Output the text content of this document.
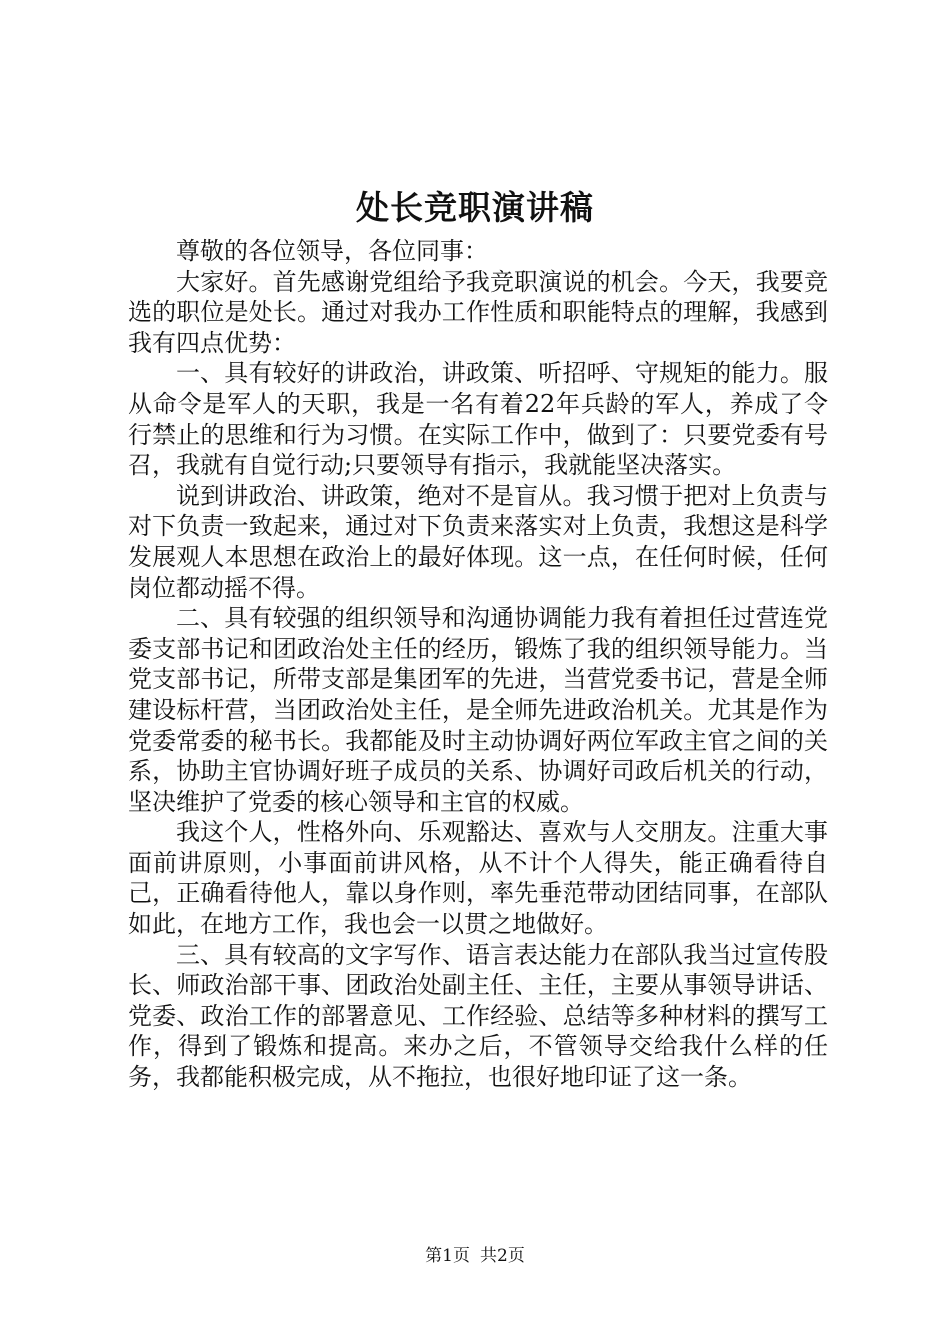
处长竞职演讲稿

尊敬的各位领导，各位同事：

大家好。首先感谢党组给予我竞职演说的机会。今天，我要竞选的职位是处长。通过对我办工作性质和职能特点的理解，我感到我有四点优势：

一、具有较好的讲政治，讲政策、听招呼、守规矩的能力。服从命令是军人的天职，我是一名有着22年兵龄的军人，养成了令行禁止的思维和行为习惯。在实际工作中，做到了：只要党委有号召，我就有自觉行动;只要领导有指示，我就能坚决落实。

说到讲政治、讲政策，绝对不是盲从。我习惯于把对上负责与对下负责一致起来，通过对下负责来落实对上负责，我想这是科学发展观人本思想在政治上的最好体现。这一点，在任何时候，任何岗位都动摇不得。

二、具有较强的组织领导和沟通协调能力我有着担任过营连党委支部书记和团政治处主任的经历，锻炼了我的组织领导能力。当党支部书记，所带支部是集团军的先进，当营党委书记，营是全师建设标杆营，当团政治处主任，是全师先进政治机关。尤其是作为党委常委的秘书长。我都能及时主动协调好两位军政主官之间的关系，协助主官协调好班子成员的关系、协调好司政后机关的行动，坚决维护了党委的核心领导和主官的权威。

我这个人，性格外向、乐观豁达、喜欢与人交朋友。注重大事面前讲原则，小事面前讲风格，从不计个人得失，能正确看待自己，正确看待他人，靠以身作则，率先垂范带动团结同事，在部队如此，在地方工作，我也会一以贯之地做好。

三、具有较高的文字写作、语言表达能力在部队我当过宣传股长、师政治部干事、团政治处副主任、主任，主要从事领导讲话、党委、政治工作的部署意见、工作经验、总结等多种材料的撰写工作，得到了锻炼和提高。来办之后，不管领导交给我什么样的任务，我都能积极完成，从不拖拉，也很好地印证了这一条。

第1页 共2页
